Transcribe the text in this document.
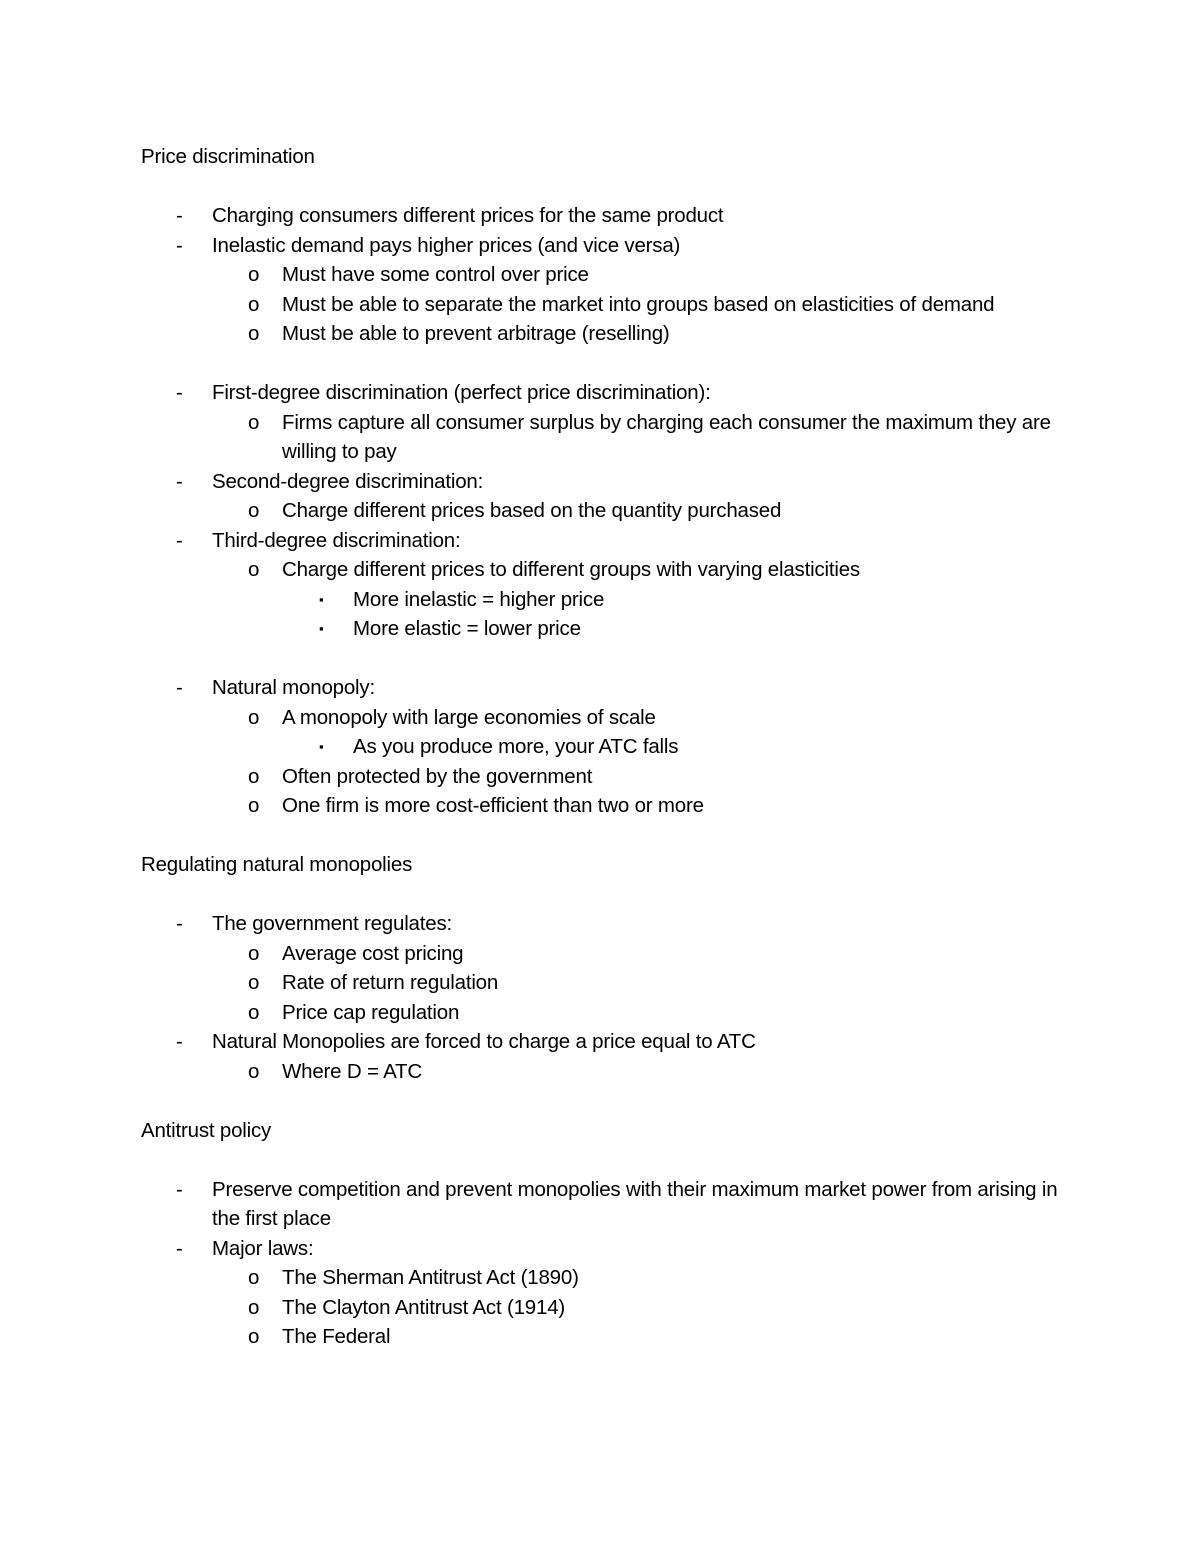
Price discrimination

- Charging consumers different prices for the same product
- Inelastic demand pays higher prices (and vice versa)
o Must have some control over price
o Must be able to separate the market into groups based on elasticities of demand
o Must be able to prevent arbitrage (reselling)
- First-degree discrimination (perfect price discrimination):
o Firms capture all consumer surplus by charging each consumer the maximum they are willing to pay
- Second-degree discrimination:
o Charge different prices based on the quantity purchased
- Third-degree discrimination:
o Charge different prices to different groups with varying elasticities
▪ More inelastic = higher price
▪ More elastic = lower price
- Natural monopoly:
o A monopoly with large economies of scale
▪ As you produce more, your ATC falls
o Often protected by the government
o One firm is more cost-efficient than two or more

Regulating natural monopolies

- The government regulates:
o Average cost pricing
o Rate of return regulation
o Price cap regulation
- Natural Monopolies are forced to charge a price equal to ATC
o Where D = ATC

Antitrust policy

- Preserve competition and prevent monopolies with their maximum market power from arising in the first place
- Major laws:
o The Sherman Antitrust Act (1890)
o The Clayton Antitrust Act (1914)
o The Federal
